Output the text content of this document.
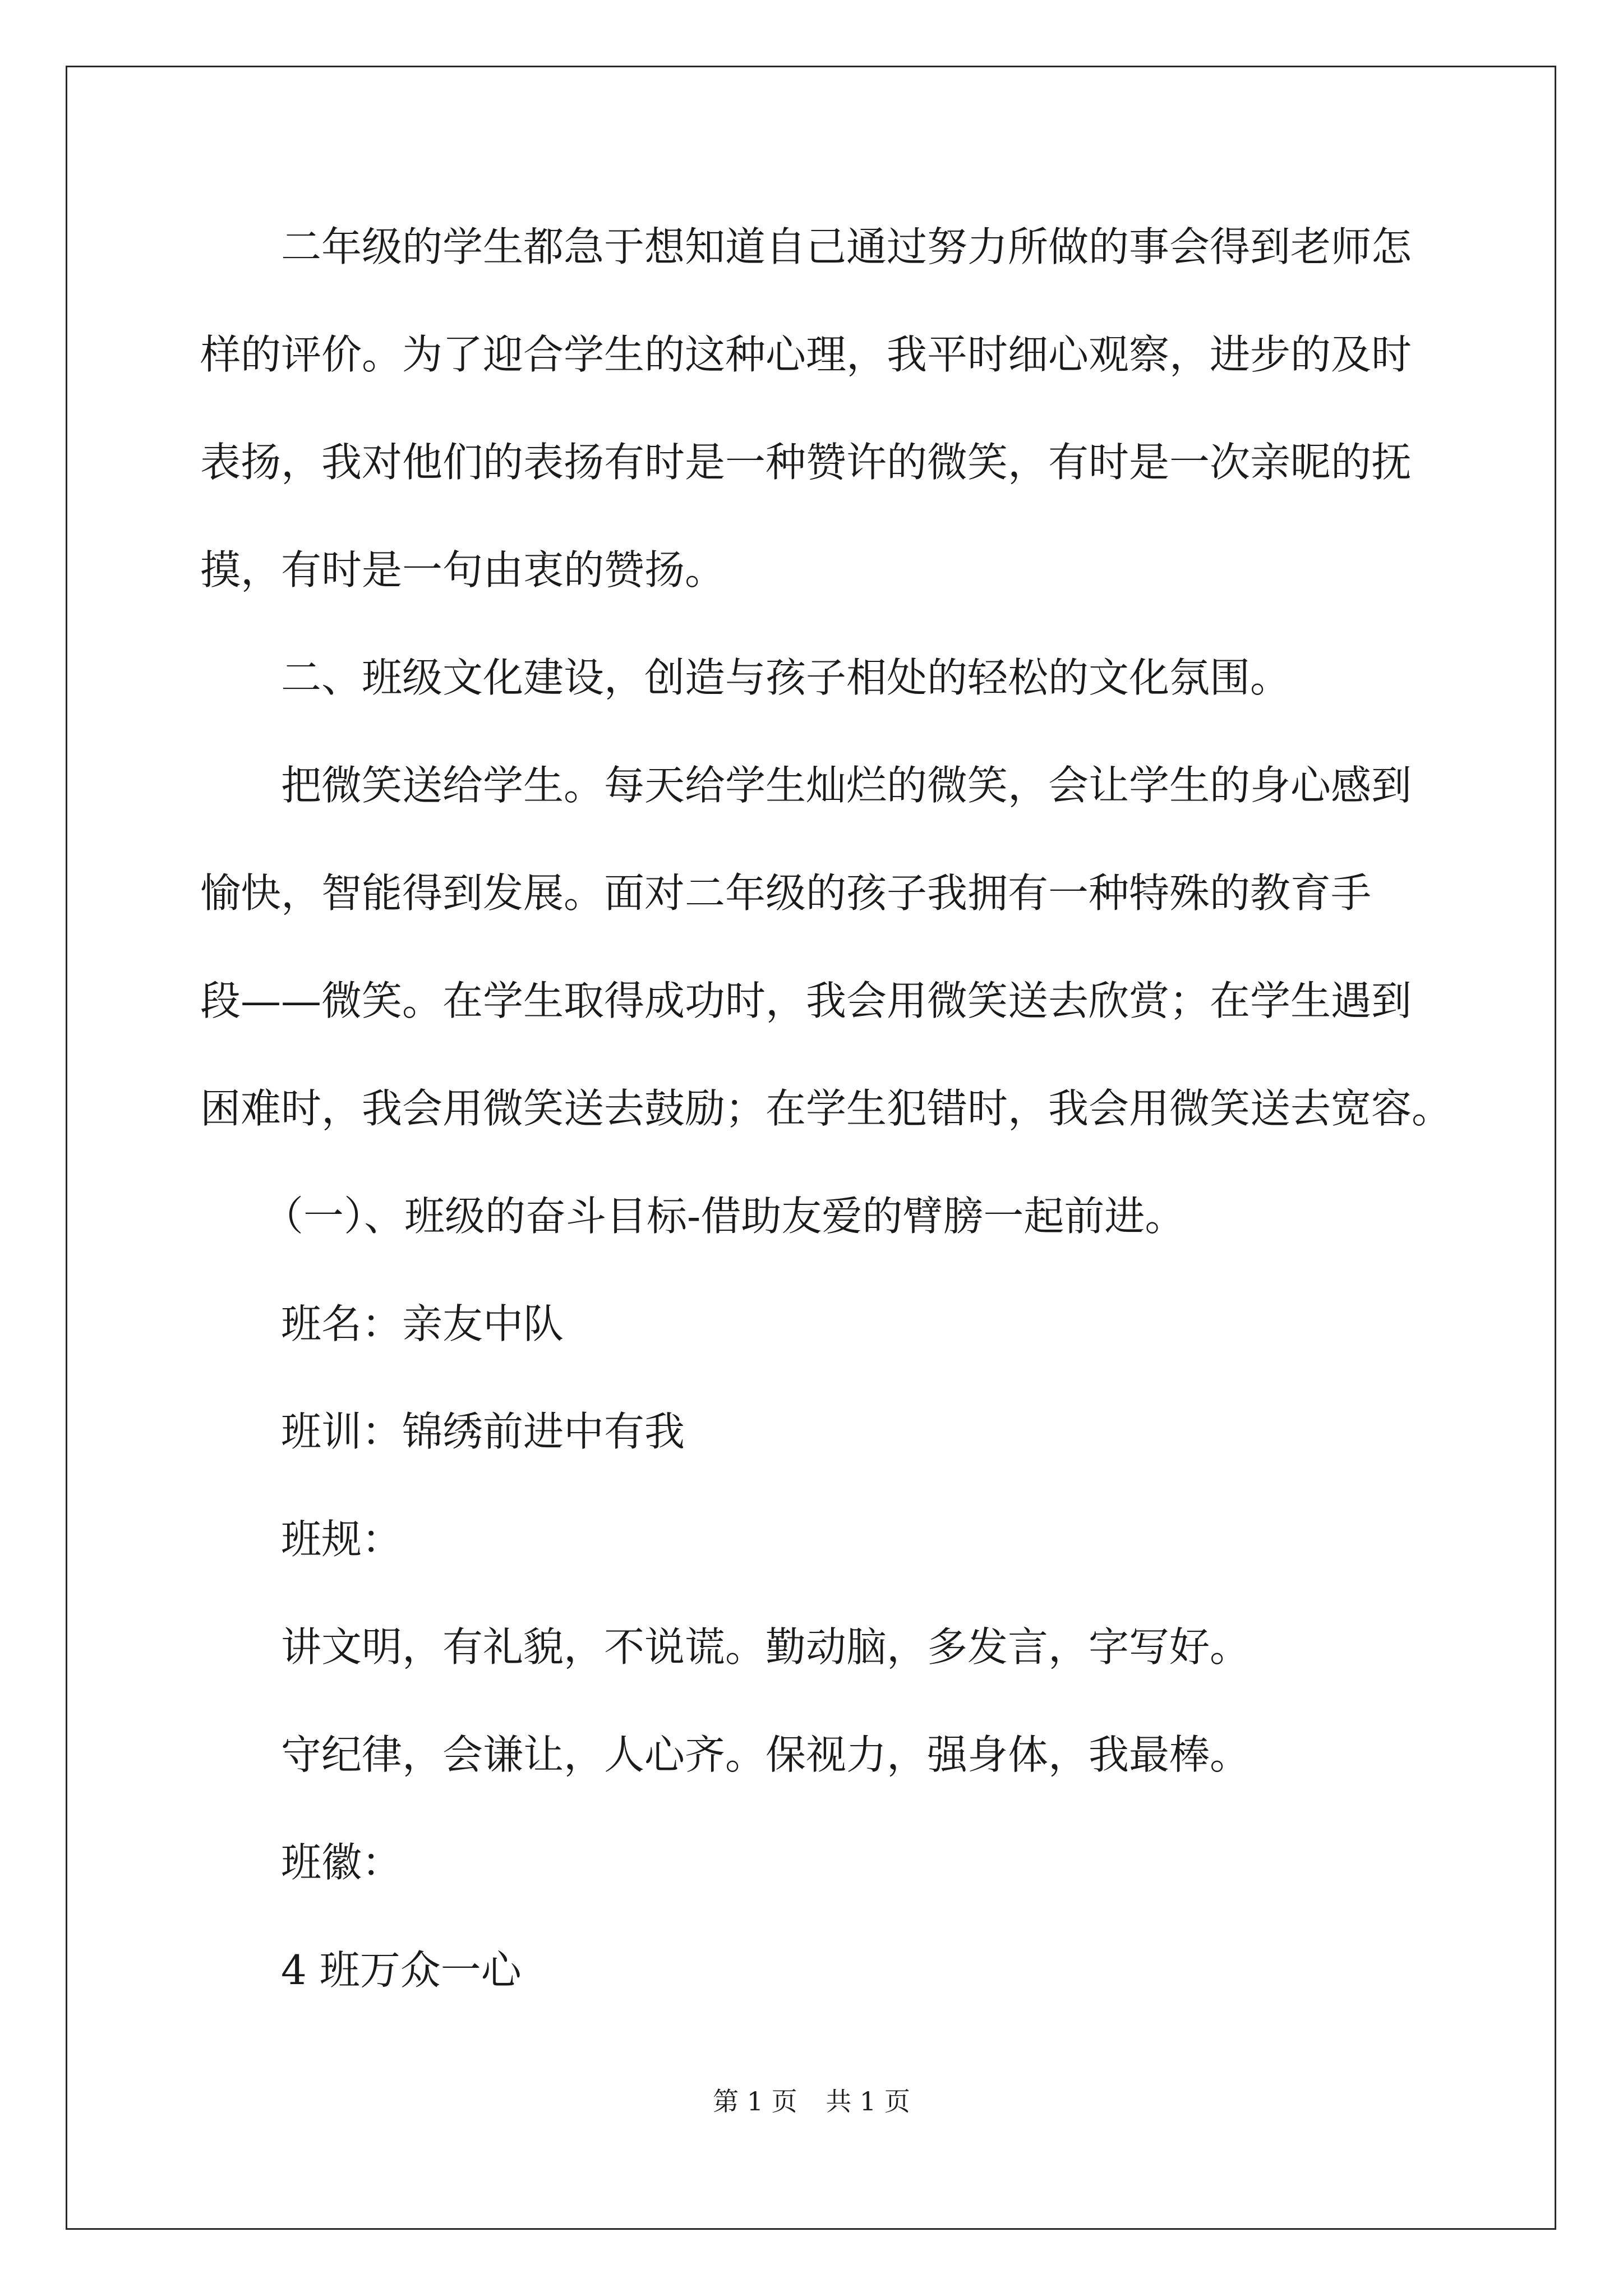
二年级的学生都急于想知道自己通过努力所做的事会得到老师怎

样的评价。为了迎合学生的这种心理，我平时细心观察，进步的及时

表扬，我对他们的表扬有时是一种赞许的微笑，有时是一次亲昵的抚

摸，有时是一句由衷的赞扬。

二、班级文化建设，创造与孩子相处的轻松的文化氛围。

把微笑送给学生。每天给学生灿烂的微笑，会让学生的身心感到

愉快，智能得到发展。面对二年级的孩子我拥有一种特殊的教育手

段——微笑。在学生取得成功时，我会用微笑送去欣赏；在学生遇到

困难时，我会用微笑送去鼓励；在学生犯错时，我会用微笑送去宽容。

（一）、班级的奋斗目标-借助友爱的臂膀一起前进。

班名：亲友中队

班训：锦绣前进中有我

班规：

讲文明，有礼貌，不说谎。勤动脑，多发言，字写好。

守纪律，会谦让，人心齐。保视力，强身体，我最棒。

班徽：

4 班万众一心

第 1 页 共 1 页
